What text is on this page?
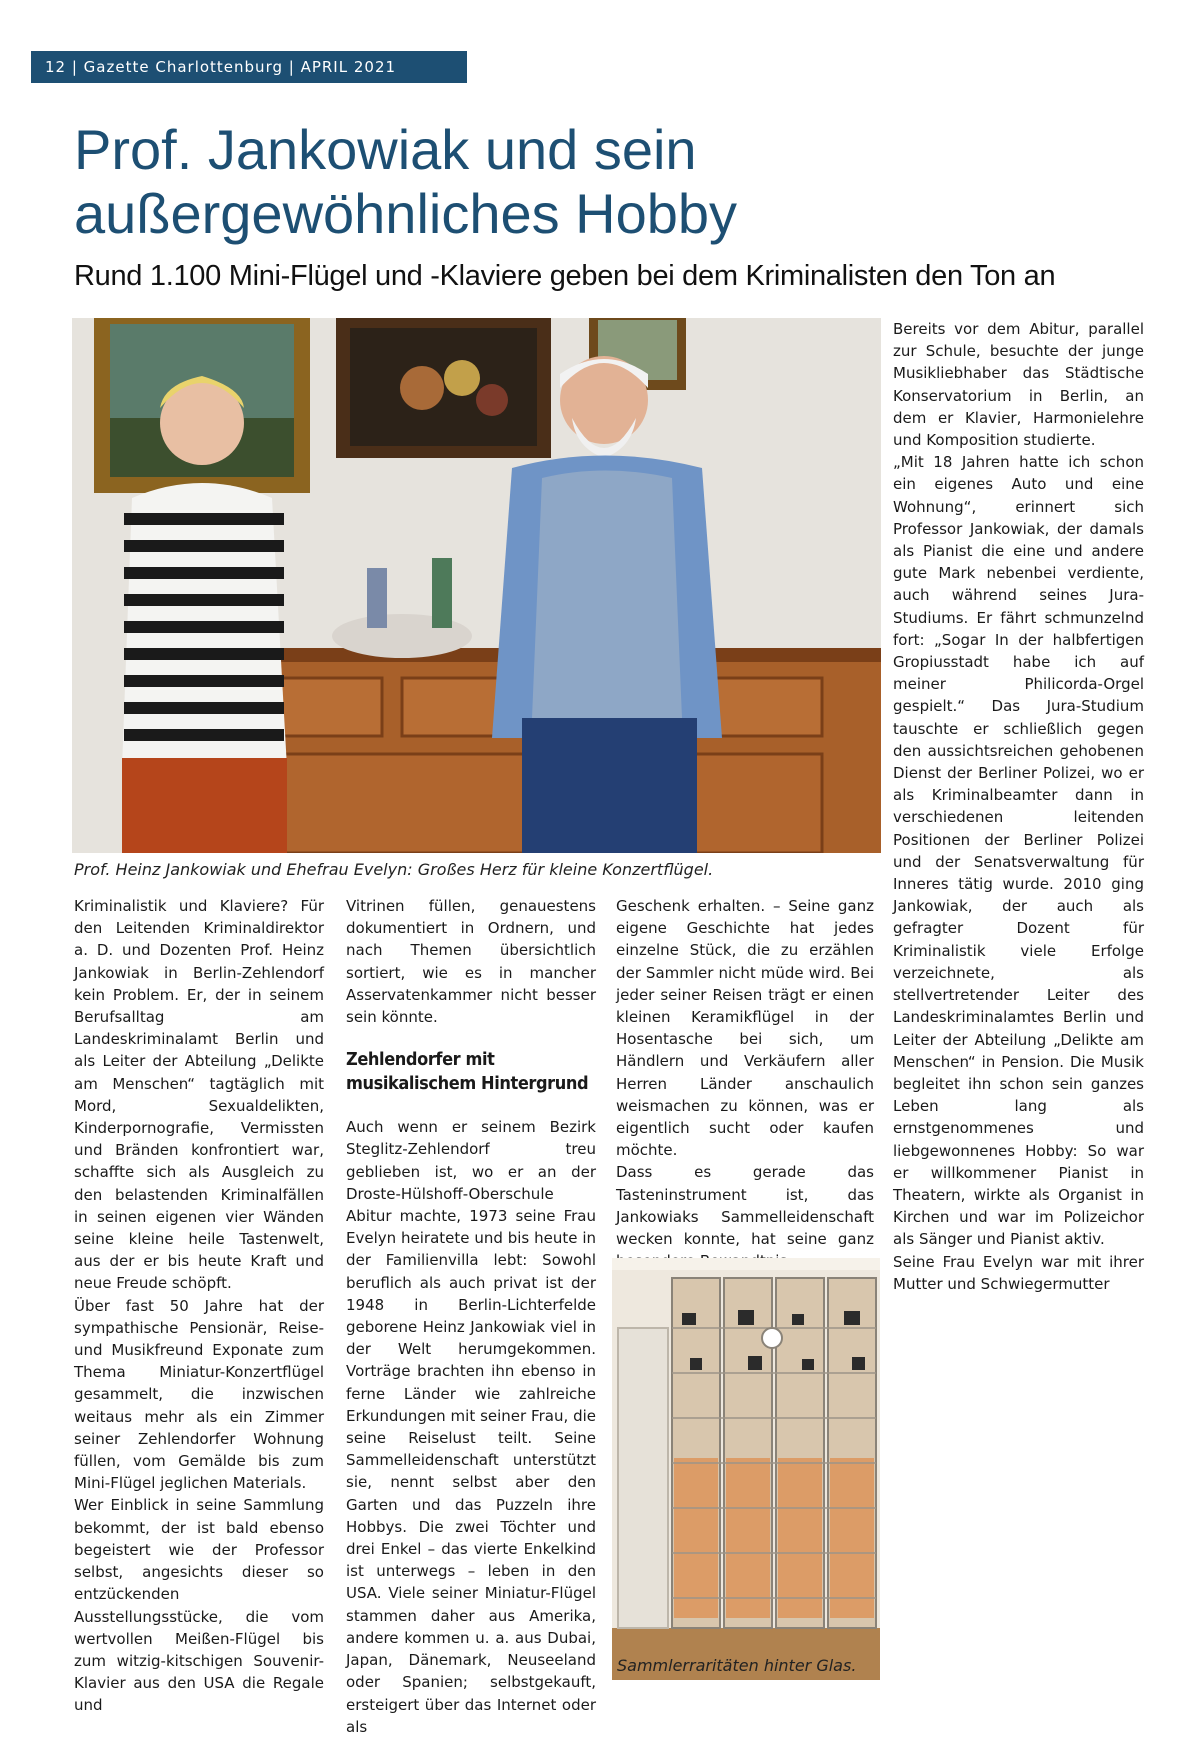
12 | Gazette Charlottenburg | APRIL 2021
Prof. Jankowiak und sein
außergewöhnliches Hobby
Rund 1.100 Mini-Flügel und -Klaviere geben bei dem Kriminalisten den Ton an
Prof. Heinz Jankowiak und Ehefrau Evelyn: Großes Herz für kleine Konzertflügel.

Kriminalistik und Klaviere? Für den Leitenden Kriminaldirektor a. D. und Dozenten Prof. Heinz Jankowiak in Berlin-Zehlendorf kein Problem. Er, der in seinem Berufsalltag am Landeskriminalamt Berlin und als Leiter der Abteilung „Delikte am Menschen“ tagtäglich mit Mord, Sexualdelikten, Kinderpornografie, Vermissten und Bränden konfrontiert war, schaffte sich als Ausgleich zu den belastenden Kriminalfällen in seinen eigenen vier Wänden seine kleine heile Tastenwelt, aus der er bis heute Kraft und neue Freude schöpft.

Über fast 50 Jahre hat der sympathische Pensionär, Reise- und Musikfreund Exponate zum Thema Miniatur-Konzertflügel gesammelt, die inzwischen weitaus mehr als ein Zimmer seiner Zehlendorfer Wohnung füllen, vom Gemälde bis zum Mini-Flügel jeglichen Materials.

Wer Einblick in seine Sammlung bekommt, der ist bald ebenso begeistert wie der Professor selbst, angesichts dieser so entzückenden Ausstellungsstücke, die vom wertvollen Meißen-Flügel bis zum witzig-kitschigen Souvenir-Klavier aus den USA die Regale und

Vitrinen füllen, genauestens dokumentiert in Ordnern, und nach Themen übersichtlich sortiert, wie es in mancher Asservatenkammer nicht besser sein könnte.

Zehlendorfer mit musikalischem Hintergrund

Auch wenn er seinem Bezirk Steglitz-Zehlendorf treu geblieben ist, wo er an der Droste-Hülshoff-Oberschule Abitur machte, 1973 seine Frau Evelyn heiratete und bis heute in der Familienvilla lebt: Sowohl beruflich als auch privat ist der 1948 in Berlin-Lichterfelde geborene Heinz Jankowiak viel in der Welt herumgekommen. Vorträge brachten ihn ebenso in ferne Länder wie zahlreiche Erkundungen mit seiner Frau, die seine Reiselust teilt. Seine Sammelleidenschaft unterstützt sie, nennt selbst aber den Garten und das Puzzeln ihre Hobbys. Die zwei Töchter und drei Enkel – das vierte Enkelkind ist unterwegs – leben in den USA. Viele seiner Miniatur-Flügel stammen daher aus Amerika, andere kommen u. a. aus Dubai, Japan, Dänemark, Neuseeland oder Spanien; selbstgekauft, ersteigert über das Internet oder als

Geschenk erhalten. – Seine ganz eigene Geschichte hat jedes einzelne Stück, die zu erzählen der Sammler nicht müde wird. Bei jeder seiner Reisen trägt er einen kleinen Keramikflügel in der Hosentasche bei sich, um Händlern und Verkäufern aller Herren Länder anschaulich weismachen zu können, was er eigentlich sucht oder kaufen möchte.

Dass es gerade das Tasteninstrument ist, das Jankowiaks Sammelleidenschaft wecken konnte, hat seine ganz

Bereits vor dem Abitur, parallel zur Schule, besuchte der junge Musikliebhaber das Städtische Konservatorium in Berlin, an dem er Klavier, Harmonielehre und Komposition studierte.

„Mit 18 Jahren hatte ich schon ein eigenes Auto und eine Wohnung“, erinnert sich Professor Jankowiak, der damals als Pianist die eine und andere gute Mark nebenbei verdiente, auch während seines Jura-Studiums. Er fährt schmunzelnd fort: „Sogar In der halbfertigen Gropiusstadt habe ich auf meiner Philicorda-Orgel gespielt.“ Das Jura-Studium tauschte er schließlich gegen den aussichtsreichen gehobenen Dienst der Berliner Polizei, wo er als Kriminalbeamter dann in verschiedenen leitenden Positionen der Berliner Polizei und der Senatsverwaltung für Inneres tätig wurde. 2010 ging Jankowiak, der auch als gefragter Dozent für Kriminalistik viele Erfolge verzeichnete, als stellvertretender Leiter des Landeskriminalamtes Berlin und Leiter der Abteilung „Delikte am Menschen“ in Pension. Die Musik begleitet ihn schon sein ganzes Leben lang als ernstgenommenes und liebgewonnenes Hobby: So war er willkommener Pianist in Theatern, wirkte als Organist in Kirchen und war im Polizeichor als Sänger und Pianist aktiv.

Seine Frau Evelyn war mit ihrer Mutter und Schwiegermutter

Sammlerraritäten hinter Glas.
